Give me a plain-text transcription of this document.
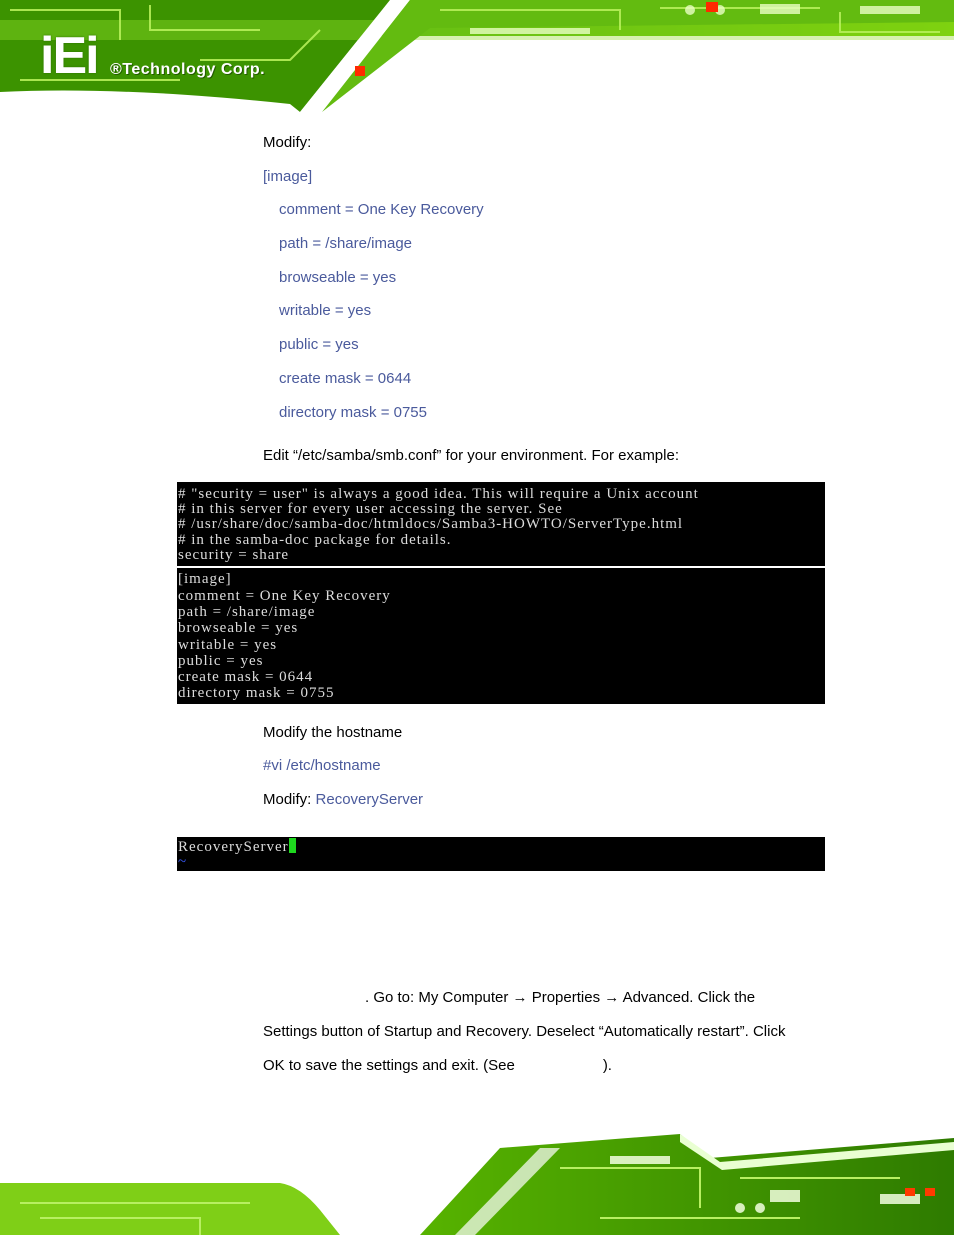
iEi ®Technology Corp.
Modify:
[image]
comment = One Key Recovery
path = /share/image
browseable = yes
writable = yes
public = yes
create mask = 0644
directory mask = 0755
Edit “/etc/samba/smb.conf” for your environment. For example:
# "security = user" is always a good idea. This will require a Unix account
# in this server for every user accessing the server. See
# /usr/share/doc/samba-doc/htmldocs/Samba3-HOWTO/ServerType.html
# in the samba-doc package for details.
security = share
[image]
comment = One Key Recovery
path = /share/image
browseable = yes
writable = yes
public = yes
create mask = 0644
directory mask = 0755
Modify the hostname
#vi /etc/hostname
Modify: RecoveryServer
RecoveryServer
~
. Go to: My Computer → Properties → Advanced. Click the
Settings button of Startup and Recovery. Deselect “Automatically restart”. Click
OK to save the settings and exit. (See	).
